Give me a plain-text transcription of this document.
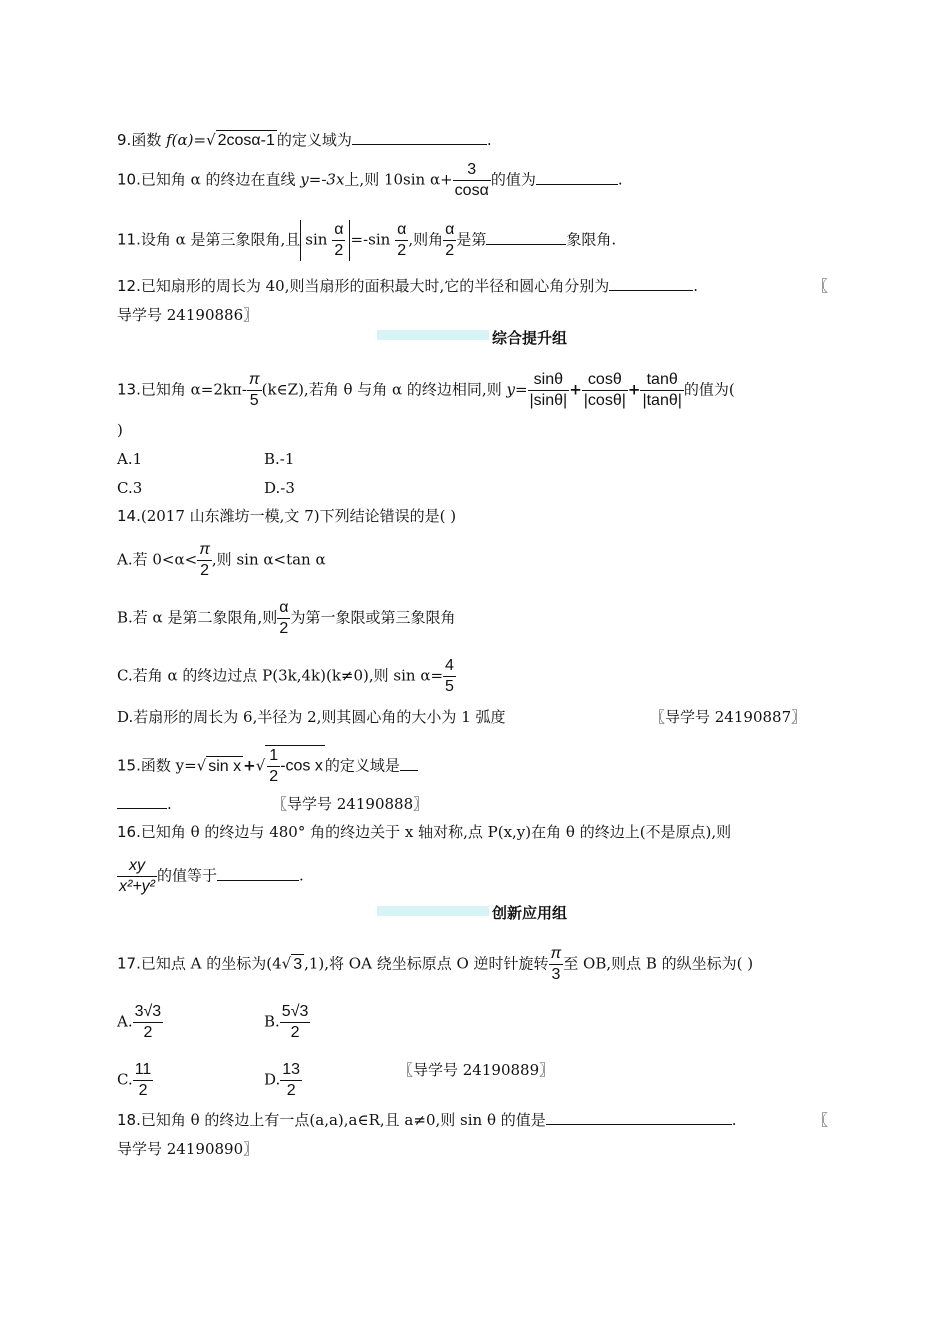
9.函数 f(α)=√ 2cosα-1 的定义域为	.
10.已知角 α 的终边在直线 y=-3x上,则 10sin $\alpha+ \frac{3}{\cos\alpha}$ 的值为	.
11.设角 α 是第三象限角,且 $\sin \frac{\alpha}{2} =-\sin \frac{\alpha}{2}$ ,则角 $\frac{\alpha}{2}$ 是第	象限角.
12.已知扇形的周长为 40,则当扇形的面积最大时,它的半径和圆心角分别为	.	〖
导学号 24190886〗
综合提升组
13.已知角 $\alpha=2k\pi- \frac{\pi}{5}$ (k∈Z),若角 θ 与角 α 的终边相同,则 $y= \frac{\sin\theta}{|\sin\theta|} + \frac{\cos\theta}{|\cos\theta|} + \frac{\tan\theta}{|\tan\theta|}$ 的值为(
)
A.1	B.-1
C.3	D.-3
14.(2017 山东潍坊一模,文 7)下列结论错误的是( )
A.若 $0<\alpha< \frac{\pi}{2}$ ,则 sin α<tan α
B.若 α 是第二象限角,则 $\frac{\alpha}{2}$ 为第一象限或第三象限角
C.若角 α 的终边过点 P(3k,4k)(k≠0),则 $\sin \alpha= \frac{4}{5}$
D.若扇形的周长为 6,半径为 2,则其圆心角的大小为 1 弧度	〖导学号 24190887〗
15.函数 y=√ sin x +√ $\frac{1}{2} -\cos$ x 的定义域是
.	〖导学号 24190888〗
16.已知角 θ 的终边与 480° 角的终边关于 x 轴对称,点 P(x,y)在角 θ 的终边上(不是原点),则
$\frac{xy}{\text{x²+y²}}$ 的值等于	.
创新应用组
17.已知点 A 的坐标为(4√ 3 ,1),将 OA 绕坐标原点 O 逆时针旋转 $\frac{\pi}{3}$ 至 OB,则点 B 的纵坐标为( )
A. $\frac{3√3}{2}$	B. $\frac{5√3}{2}$
C. $\frac{11}{2}$	D. $\frac{13}{2}$	〖导学号 24190889〗
18.已知角 θ 的终边上有一点(a,a),a∈R,且 a≠0,则 sin θ 的值是	.	〖
导学号 24190890〗
